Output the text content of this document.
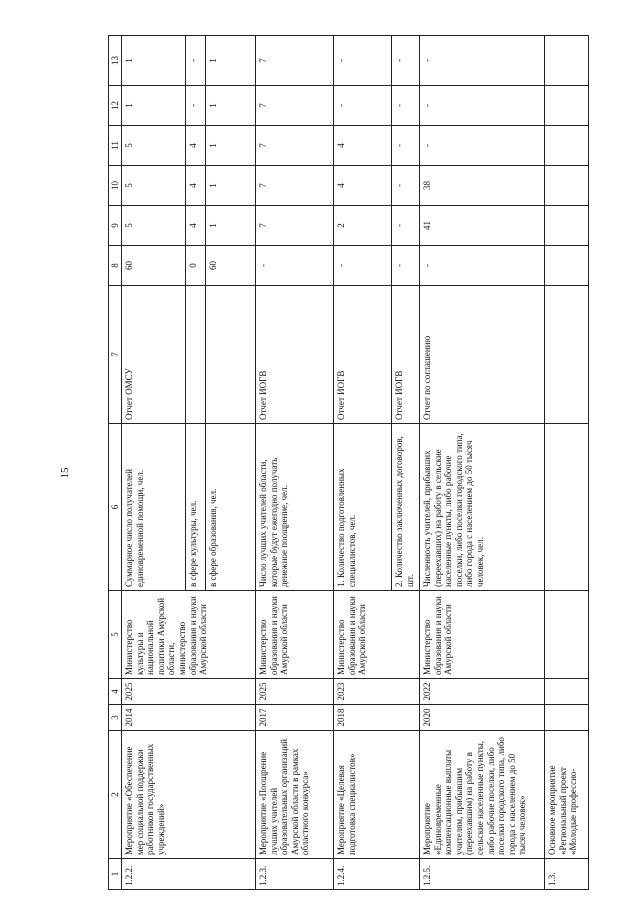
15
1	2	3	4	5	6	7	8	9	10	11	12	13
1.2.2.	Мероприятие «Обеспечение мер социальной поддержки работников государственных учреждений»	2014	2025	Министерство культуры и национальной политики Амурской области, министерство образования и науки Амурской области	Суммарное число получателей единовременной помощи, чел.	Отчет ОМСУ	60	5	5	5	1	1
					в сфере культуры, чел.		0	4	4	4	-	-
					в сфере образования, чел.		60	1	1	1	1	1
1.2.3.	Мероприятие «Поощрение лучших учителей образовательных организаций Амурской области в рамках областного конкурса»	2017	2025	Министерство образования и науки Амурской области	Число лучших учителей области, которые будут ежегодно получать денежное поощрение, чел.	Отчет ИОГВ	-	7	7	7	7	7
1.2.4.	Мероприятие «Целевая подготовка специалистов»	2018	2023	Министерство образования и науки Амурской области	1. Количество подготовленных специалистов, чел.	Отчет ИОГВ	-	2	4	4	-	-
					2. Количество заключенных договоров, шт.	Отчет ИОГВ	-	-	-	-	-	-
1.2.5.	Мероприятие «Единовременные компенсационные выплаты учителям, прибывшим (переехавшим) на работу в сельские населенные пункты, либо рабочие поселки, либо поселки городского типа, либо города с населением до 50 тысяч человек»	2020	2022	Министерство образования и науки Амурской области	Численность учителей, прибывших (переехавших) на работу в сельские населенные пункты, либо рабочие поселки, либо поселки городского типа, либо города с населением до 50 тысяч человек, чел.	Отчет по соглашению	-	41	38	-	-	-
1.3.	Основное мероприятие «Региональный проект «Молодые профессио-											
